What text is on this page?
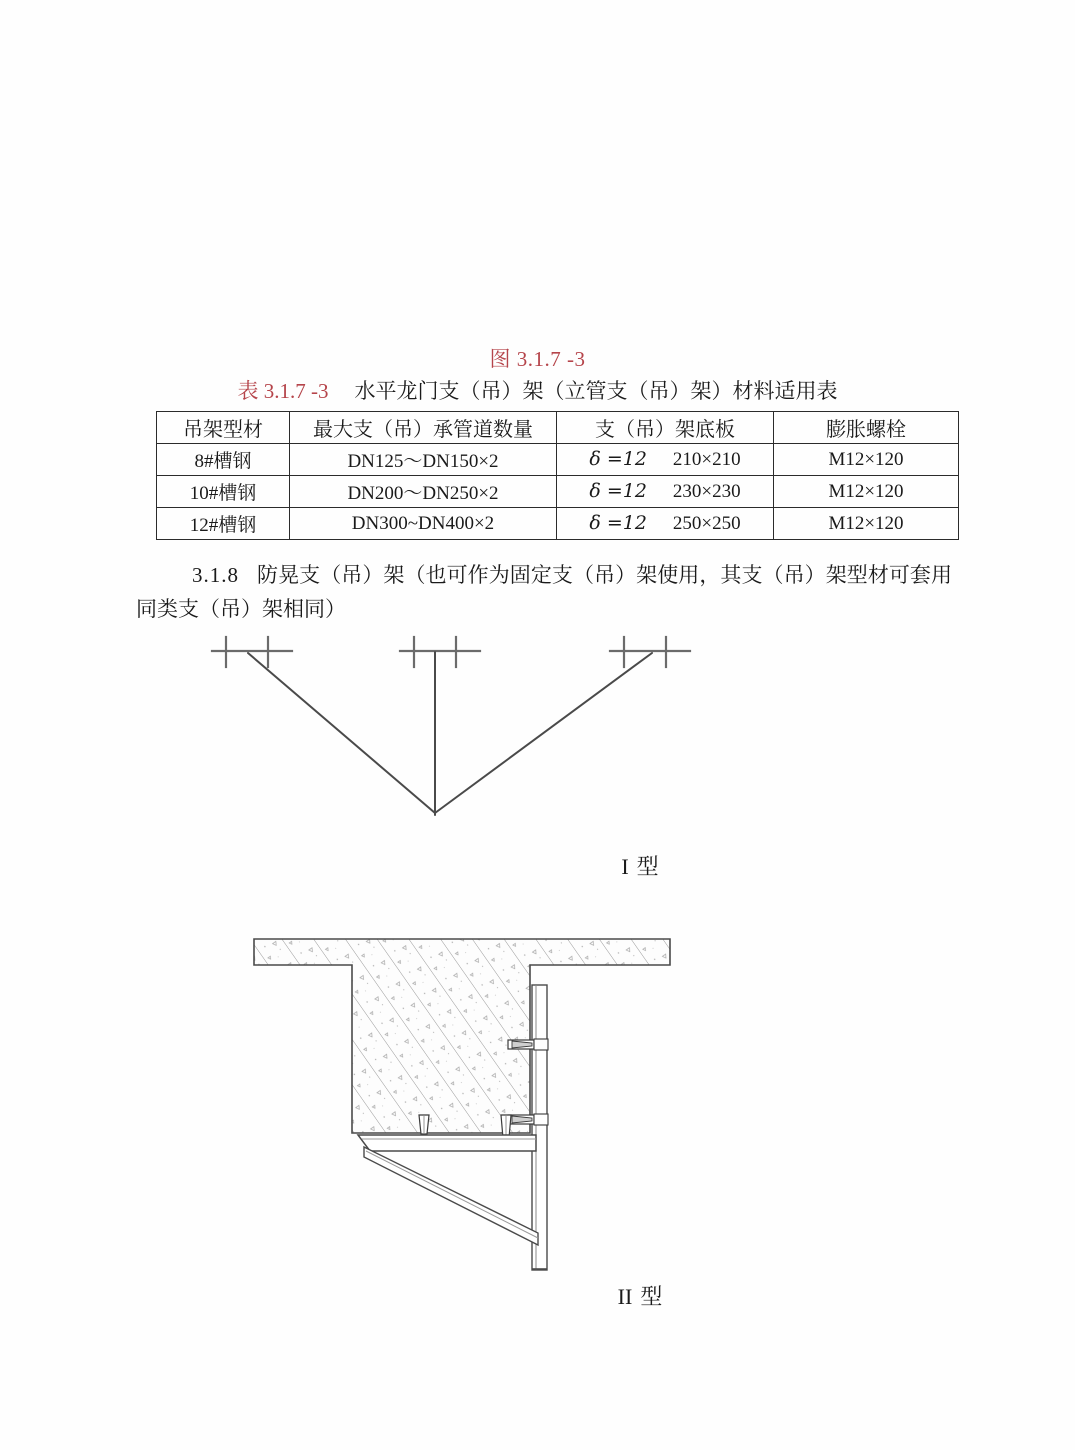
图 3.1.7 -3
表 3.1.7 -3 水平龙门支（吊）架（立管支（吊）架）材料适用表
吊架型材	最大支（吊）承管道数量	支（吊）架底板	膨胀螺栓
8#槽钢	DN125～DN150×2	δ =12 210×210	M12×120
10#槽钢	DN200～DN250×2	δ =12 230×230	M12×120
12#槽钢	DN300~DN400×2	δ =12 250×250	M12×120
3.1.8 防晃支（吊）架（也可作为固定支（吊）架使用，其支（吊）架型材可套用同类支（吊）架相同）
I 型
II 型
